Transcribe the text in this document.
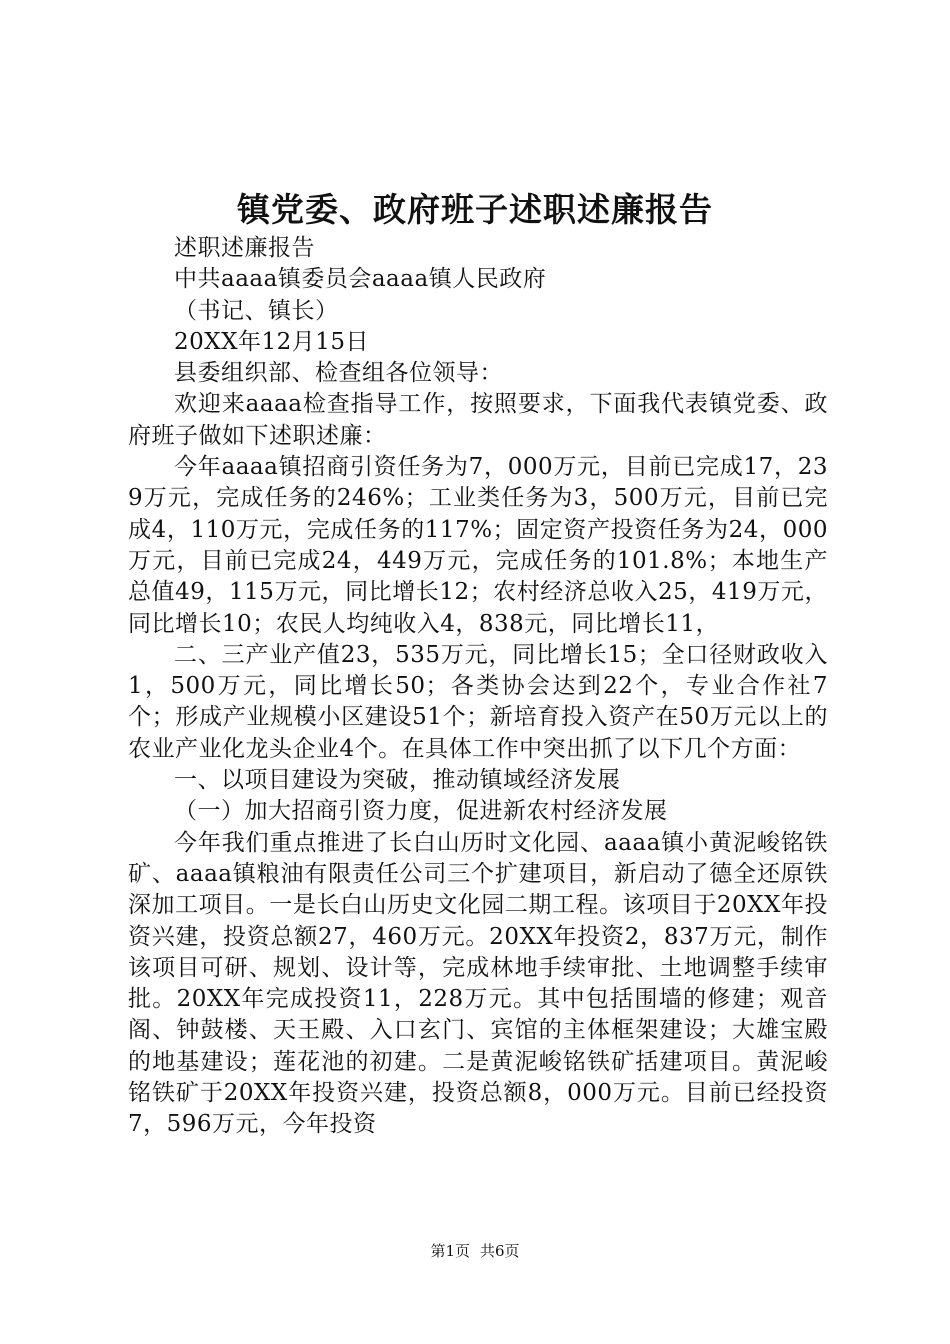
镇党委、政府班子述职述廉报告

述职述廉报告

中共aaaa镇委员会aaaa镇人民政府

（书记、镇长）

20XX年12月15日

县委组织部、检查组各位领导：

欢迎来aaaa检查指导工作，按照要求，下面我代表镇党委、政府班子做如下述职述廉：

今年aaaa镇招商引资任务为7，000万元，目前已完成17，239万元，完成任务的246%；工业类任务为3，500万元，目前已完成4，110万元，完成任务的117%；固定资产投资任务为24，000万元，目前已完成24，449万元，完成任务的101.8%；本地生产总值49，115万元，同比增长12；农村经济总收入25，419万元，同比增长10；农民人均纯收入4，838元，同比增长11，

二、三产业产值23，535万元，同比增长15；全口径财政收入1，500万元，同比增长50；各类协会达到22个，专业合作社7个；形成产业规模小区建设51个；新培育投入资产在50万元以上的农业产业化龙头企业4个。在具体工作中突出抓了以下几个方面：

一、以项目建设为突破，推动镇域经济发展

（一）加大招商引资力度，促进新农村经济发展

今年我们重点推进了长白山历时文化园、aaaa镇小黄泥峻铭铁矿、aaaa镇粮油有限责任公司三个扩建项目，新启动了德全还原铁深加工项目。一是长白山历史文化园二期工程。该项目于20XX年投资兴建，投资总额27，460万元。20XX年投资2，837万元，制作该项目可研、规划、设计等，完成林地手续审批、土地调整手续审批。20XX年完成投资11，228万元。其中包括围墙的修建；观音阁、钟鼓楼、天王殿、入口玄门、宾馆的主体框架建设；大雄宝殿的地基建设；莲花池的初建。二是黄泥峻铭铁矿括建项目。黄泥峻铭铁矿于20XX年投资兴建，投资总额8，000万元。目前已经投资7，596万元，今年投资

第1页 共6页
